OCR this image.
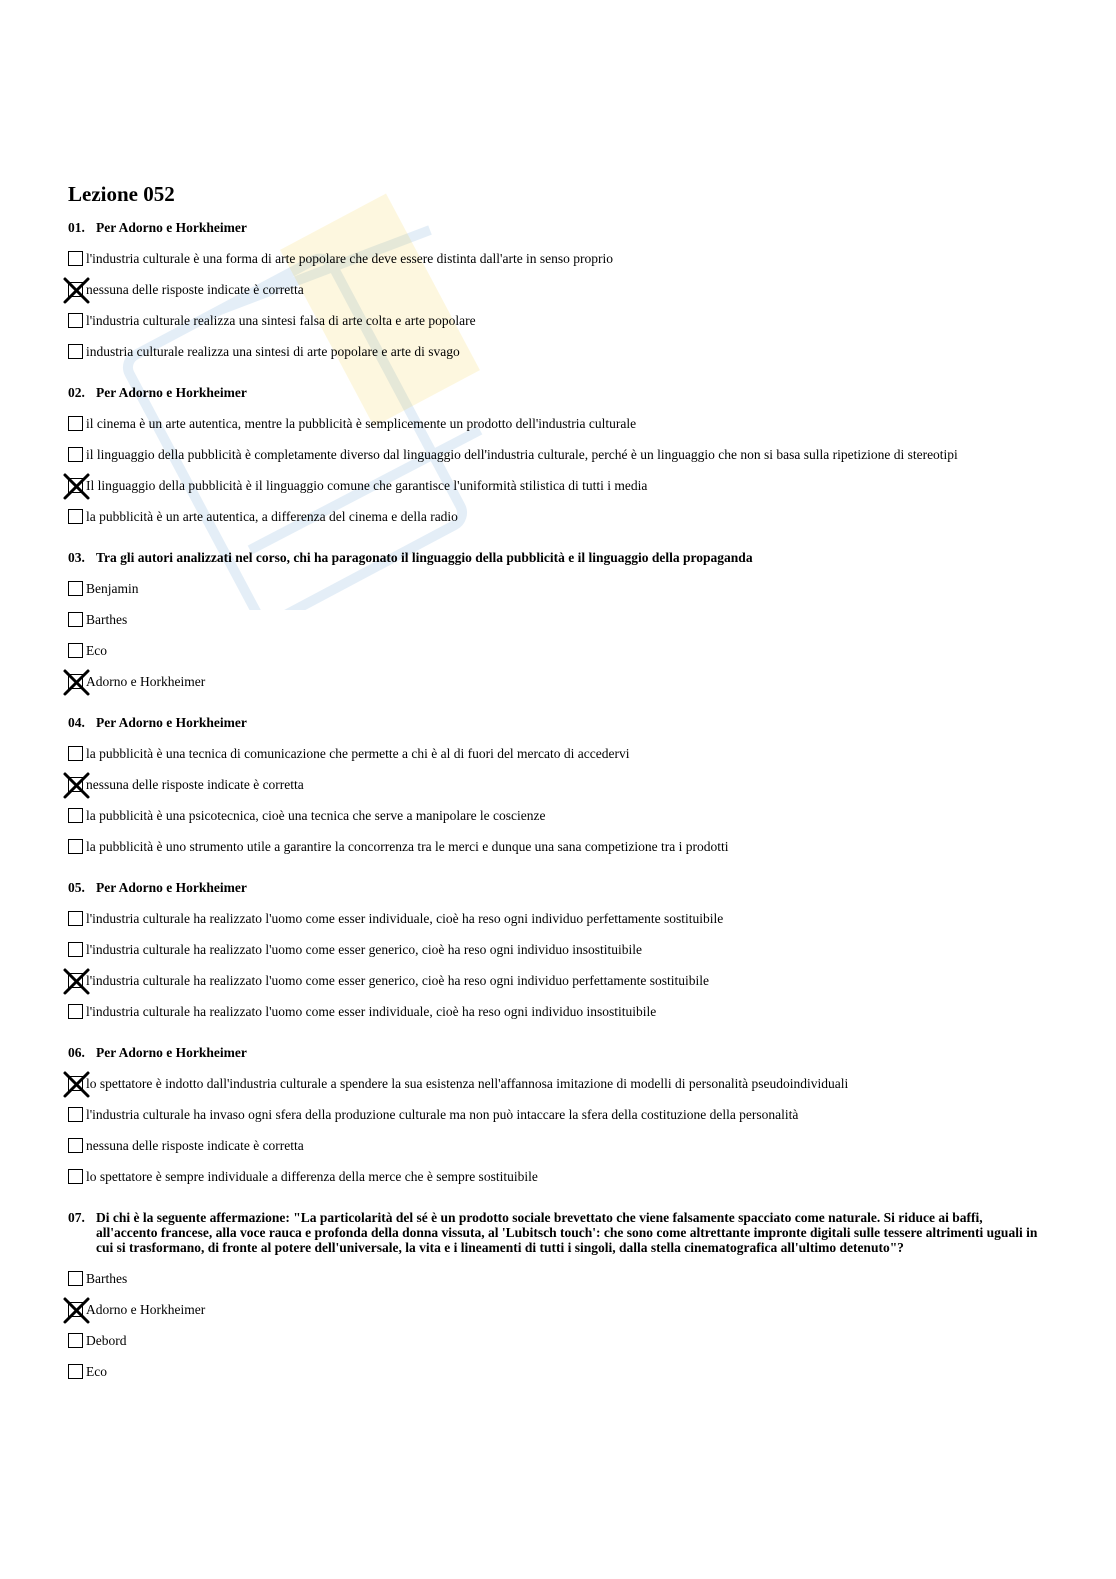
Lezione 052
01. Per Adorno e Horkheimer
l'industria culturale è una forma di arte popolare che deve essere distinta dall'arte in senso proprio
nessuna delle risposte indicate è corretta
l'industria culturale realizza una sintesi falsa di arte colta e arte popolare
industria culturale realizza una sintesi di arte popolare e arte di svago
02. Per Adorno e Horkheimer
il cinema è un arte autentica, mentre la pubblicità è semplicemente un prodotto dell'industria culturale
il linguaggio della pubblicità è completamente diverso dal linguaggio dell'industria culturale, perché è un linguaggio che non si basa sulla ripetizione di stereotipi
Il linguaggio della pubblicità è il linguaggio comune che garantisce l'uniformità stilistica di tutti i media
la pubblicità è un arte autentica, a differenza del cinema e della radio
03. Tra gli autori analizzati nel corso, chi ha paragonato il linguaggio della pubblicità e il linguaggio della propaganda
Benjamin
Barthes
Eco
Adorno e Horkheimer
04. Per Adorno e Horkheimer
la pubblicità è una tecnica di comunicazione che permette a chi è al di fuori del mercato di accedervi
nessuna delle risposte indicate è corretta
la pubblicità è una psicotecnica, cioè una tecnica che serve a manipolare le coscienze
la pubblicità è uno strumento utile a garantire la concorrenza tra le merci e dunque una sana competizione tra i prodotti
05. Per Adorno e Horkheimer
l'industria culturale ha realizzato l'uomo come esser individuale, cioè ha reso ogni individuo perfettamente sostituibile
l'industria culturale ha realizzato l'uomo come esser generico, cioè ha reso ogni individuo insostituibile
l'industria culturale ha realizzato l'uomo come esser generico, cioè ha reso ogni individuo perfettamente sostituibile
l'industria culturale ha realizzato l'uomo come esser individuale, cioè ha reso ogni individuo insostituibile
06. Per Adorno e Horkheimer
lo spettatore è indotto dall'industria culturale a spendere la sua esistenza nell'affannosa imitazione di modelli di personalità pseudoindividuali
l'industria culturale ha invaso ogni sfera della produzione culturale ma non può intaccare la sfera della costituzione della personalità
nessuna delle risposte indicate è corretta
lo spettatore è sempre individuale a differenza della merce che è sempre sostituibile
07. Di chi è la seguente affermazione: "La particolarità del sé è un prodotto sociale brevettato che viene falsamente spacciato come naturale. Si riduce ai baffi, all'accento francese, alla voce rauca e profonda della donna vissuta, al 'Lubitsch touch': che sono come altrettante impronte digitali sulle tessere altrimenti uguali in cui si trasformano, di fronte al potere dell'universale, la vita e i lineamenti di tutti i singoli, dalla stella cinematografica all'ultimo detenuto"?
Barthes
Adorno e Horkheimer
Debord
Eco
